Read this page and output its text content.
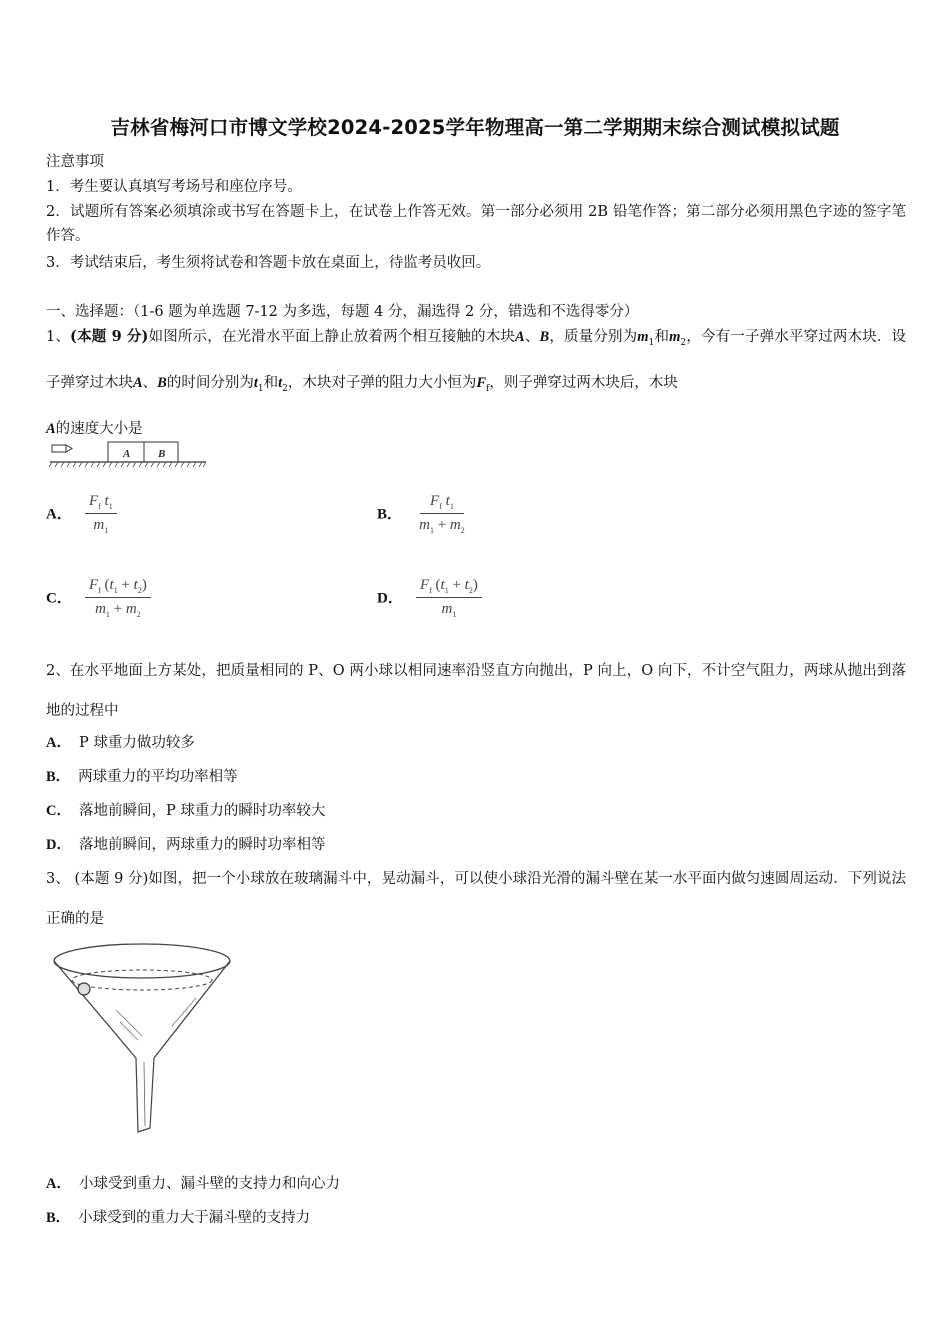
吉林省梅河口市博文学校2024-2025学年物理高一第二学期期末综合测试模拟试题
注意事项
1．考生要认真填写考场号和座位序号。
2．试题所有答案必须填涂或书写在答题卡上，在试卷上作答无效。第一部分必须用 2B 铅笔作答；第二部分必须用黑色字迹的签字笔作答。
3．考试结束后，考生须将试卷和答题卡放在桌面上，待监考员收回。
一、选择题：（1-6 题为单选题 7-12 为多选，每题 4 分，漏选得 2 分，错选和不选得零分）
1、(本题 9 分)如图所示，在光滑水平面上静止放着两个相互接触的木块A、B，质量分别为$m_1$和$m_2$，今有一子弹水平穿过两木块．设子弹穿过木块A、B的时间分别为$t_1$和$t_2$，木块对子弹的阻力大小恒为$F_f$，则子弹穿过两木块后，木块
A的速度大小是
A	B
A． $\frac{F_f t_1}{m_1}$	B． $\frac{F_f t_1}{m_1 + m_2}$
C． $\frac{F_f (t_1 + t_2)}{m_1 + m_2}$	D． $\frac{F_f (t_1 + t_2)}{m_1}$
2、在水平地面上方某处，把质量相同的 P、O 两小球以相同速率沿竖直方向抛出，P 向上，O 向下，不计空气阻力，两球从抛出到落地的过程中
A． P 球重力做功较多
B． 两球重力的平均功率相等
C． 落地前瞬间，P 球重力的瞬时功率较大
D． 落地前瞬间，两球重力的瞬时功率相等
3、 (本题 9 分)如图，把一个小球放在玻璃漏斗中，晃动漏斗，可以使小球沿光滑的漏斗壁在某一水平面内做匀速圆周运动．下列说法正确的是
A． 小球受到重力、漏斗壁的支持力和向心力
B． 小球受到的重力大于漏斗壁的支持力
